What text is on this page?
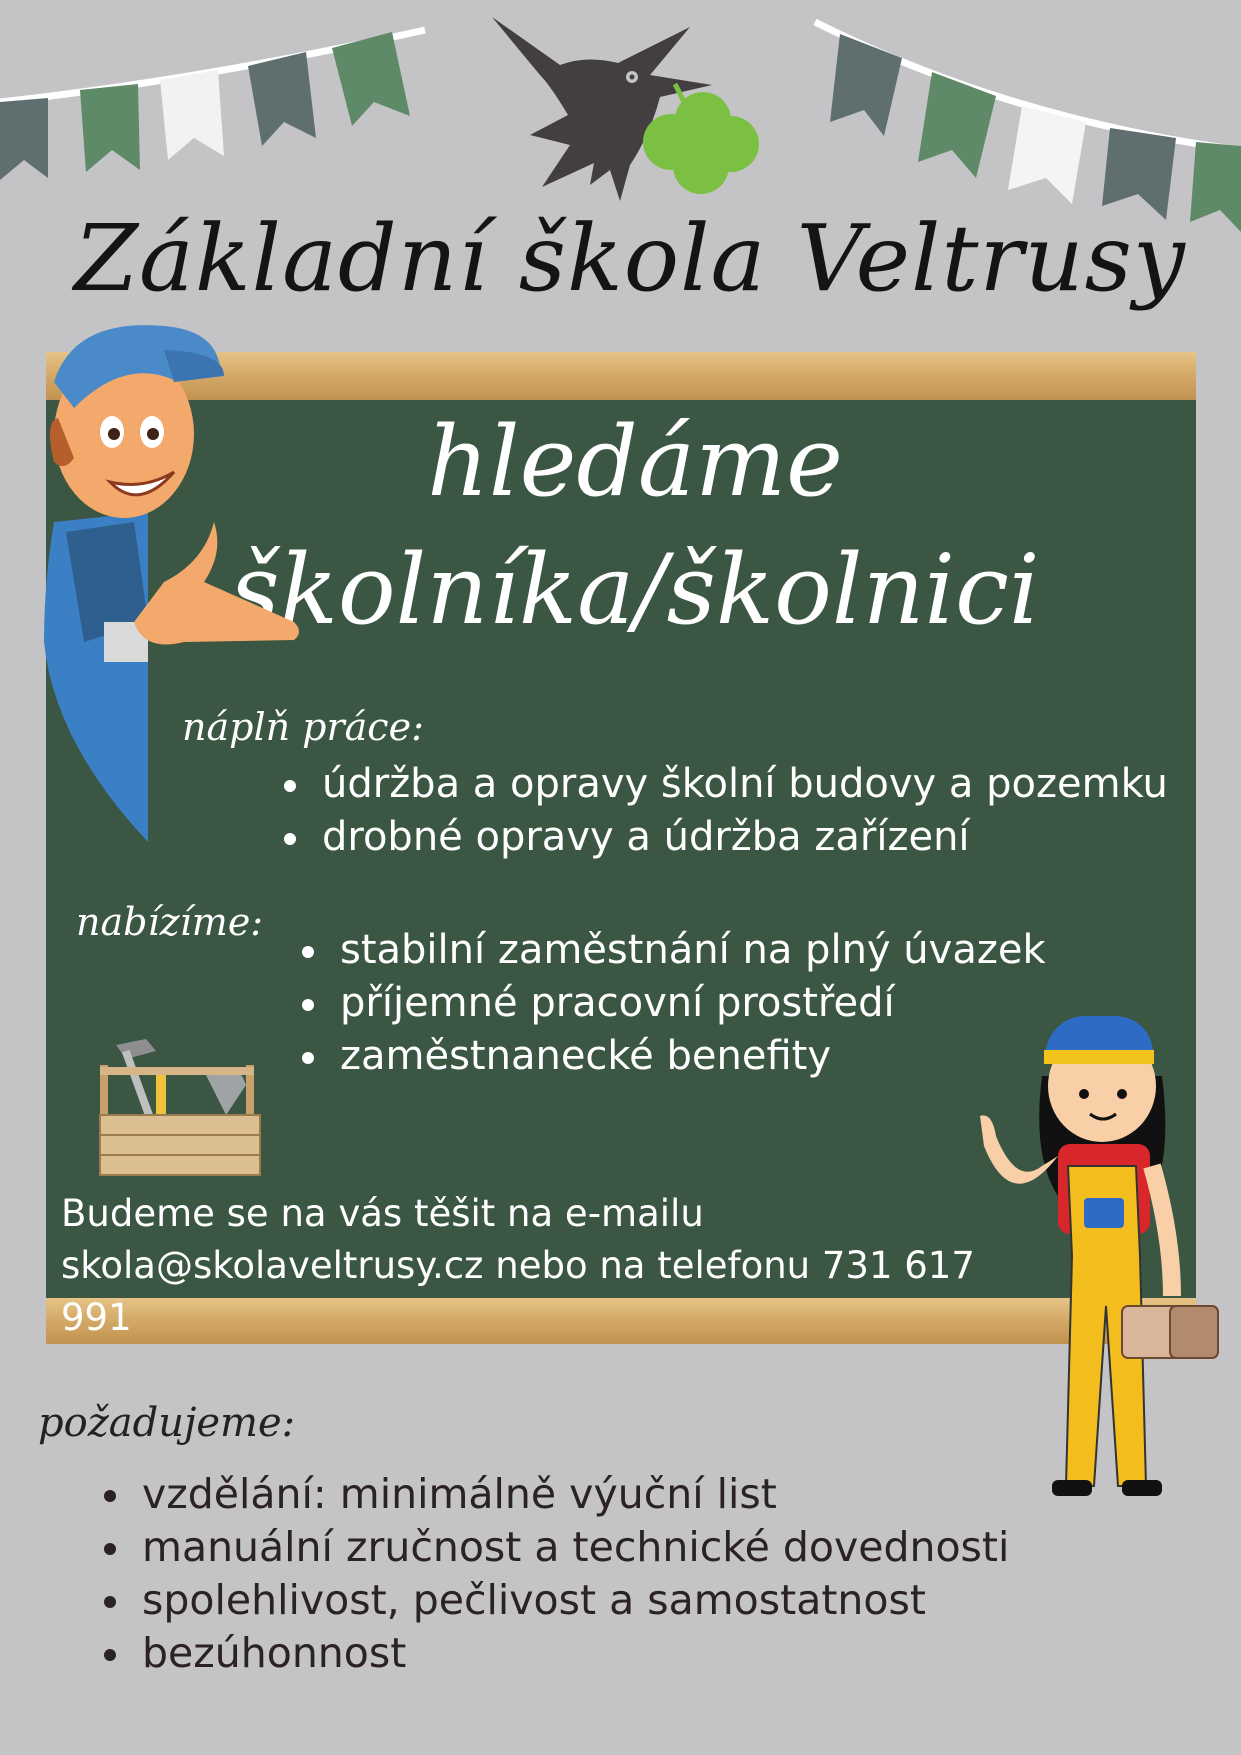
Základní škola Veltrusy
hledáme
školníka/školnici
náplň práce:
údržba a opravy školní budovy a pozemku
drobné opravy a údržba zařízení
nabízíme:
stabilní zaměstnání na plný úvazek
příjemné pracovní prostředí
zaměstnanecké benefity
Budeme se na vás těšit na e-mailu
skola@skolaveltrusy.cz nebo na telefonu 731 617 991
požadujeme:
vzdělání: minimálně výuční list
manuální zručnost a technické dovednosti
spolehlivost, pečlivost a samostatnost
bezúhonnost
